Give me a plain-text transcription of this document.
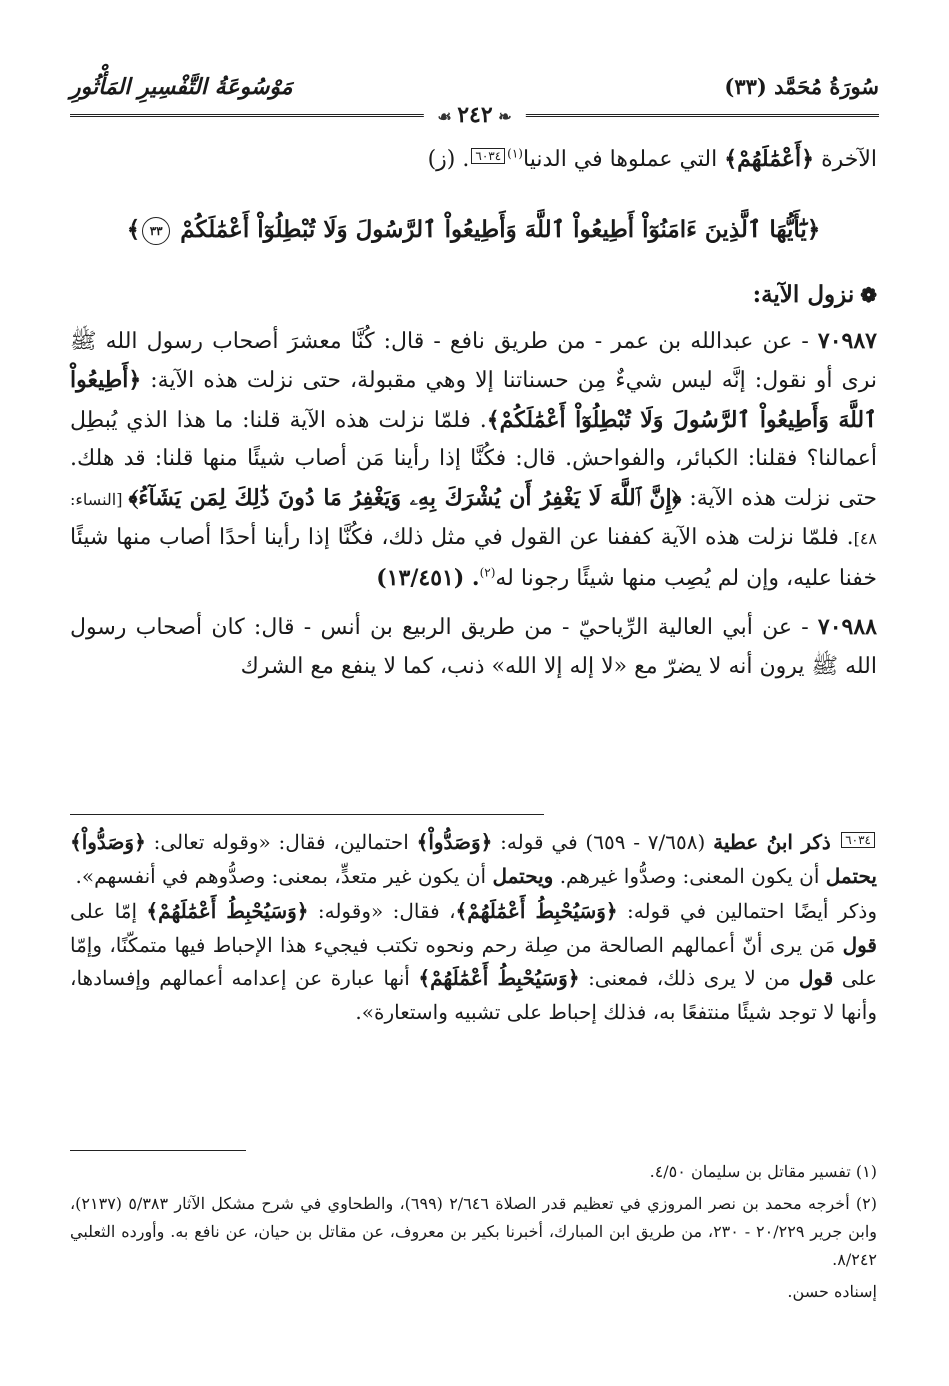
سُورَةُ مُحَمَّد (٣٣)
❧ ٢٤٢ ☙
مَوْسُوعَةُ التَّفْسِيرِ المَأْثُورِ

الآخرة ﴿أَعْمَٰلَهُمْ﴾ التي عملوها في الدنيا$^{(١)}$٦٠٣٤. (ز)

﴿يَٰٓأَيُّهَا ٱلَّذِينَ ءَامَنُوٓاْ أَطِيعُواْ ٱللَّهَ وَأَطِيعُواْ ٱلرَّسُولَ وَلَا تُبْطِلُوٓاْ أَعْمَٰلَكُمْ ٣٣﴾

❁نزول الآية:

٧٠٩٨٧ - عن عبدالله بن عمر - من طريق نافع - قال: كُنَّا معشرَ أصحاب رسول الله ﷺ نرى أو نقول: إنَّه ليس شيءٌ مِن حسناتنا إلا وهي مقبولة، حتى نزلت هذه الآية: ﴿أَطِيعُواْ ٱللَّهَ وَأَطِيعُواْ ٱلرَّسُولَ وَلَا تُبْطِلُوٓاْ أَعْمَٰلَكُمْ﴾. فلمّا نزلت هذه الآية قلنا: ما هذا الذي يُبطِل أعمالنا؟ فقلنا: الكبائر، والفواحش. قال: فكُنَّا إذا رأينا مَن أصاب شيئًا منها قلنا: قد هلك. حتى نزلت هذه الآية: ﴿إِنَّ ٱللَّهَ لَا يَغْفِرُ أَن يُشْرَكَ بِهِۦ وَيَغْفِرُ مَا دُونَ ذَٰلِكَ لِمَن يَشَآءُ﴾ [النساء: ٤٨]. فلمّا نزلت هذه الآية كففنا عن القول في مثل ذلك، فكُنَّا إذا رأينا أحدًا أصاب منها شيئًا خفنا عليه، وإن لم يُصِب منها شيئًا رجونا له$^{(٢)}$. (١٣/٤٥١)

٧٠٩٨٨ - عن أبي العالية الرِّياحيّ - من طريق الربيع بن أنس - قال: كان أصحاب رسول الله ﷺ يرون أنه لا يضرّ مع «لا إله إلا الله» ذنب، كما لا ينفع مع الشرك

٦٠٣٤ ذكر ابنُ عطية (٧/٦٥٨ - ٦٥٩) في قوله: ﴿وَصَدُّواْ﴾ احتمالين، فقال: «وقوله تعالى: ﴿وَصَدُّواْ﴾ يحتمل أن يكون المعنى: وصدُّوا غيرهم. ويحتمل أن يكون غير متعدٍّ، بمعنى: وصدُّوهم في أنفسهم».

وذكر أيضًا احتمالين في قوله: ﴿وَسَيُحْبِطُ أَعْمَٰلَهُمْ﴾، فقال: «وقوله: ﴿وَسَيُحْبِطُ أَعْمَٰلَهُمْ﴾ إمّا على قول مَن يرى أنّ أعمالهم الصالحة من صِلة رحم ونحوه تكتب فيجيء هذا الإحباط فيها متمكّنًا، وإمّا على قول من لا يرى ذلك، فمعنى: ﴿وَسَيُحْبِطُ أَعْمَٰلَهُمْ﴾ أنها عبارة عن إعدامه أعمالهم وإفسادها، وأنها لا توجد شيئًا منتفعًا به، فذلك إحباط على تشبيه واستعارة».

(١) تفسير مقاتل بن سليمان ٤/٥٠.

(٢) أخرجه محمد بن نصر المروزي في تعظيم قدر الصلاة ٢/٦٤٦ (٦٩٩)، والطحاوي في شرح مشكل الآثار ٥/٣٨٣ (٢١٣٧)، وابن جرير ٢٠/٢٢٩ - ٢٣٠، من طريق ابن المبارك، أخبرنا بكير بن معروف، عن مقاتل بن حيان، عن نافع به. وأورده الثعلبي ٨/٢٤٢.

إسناده حسن.
